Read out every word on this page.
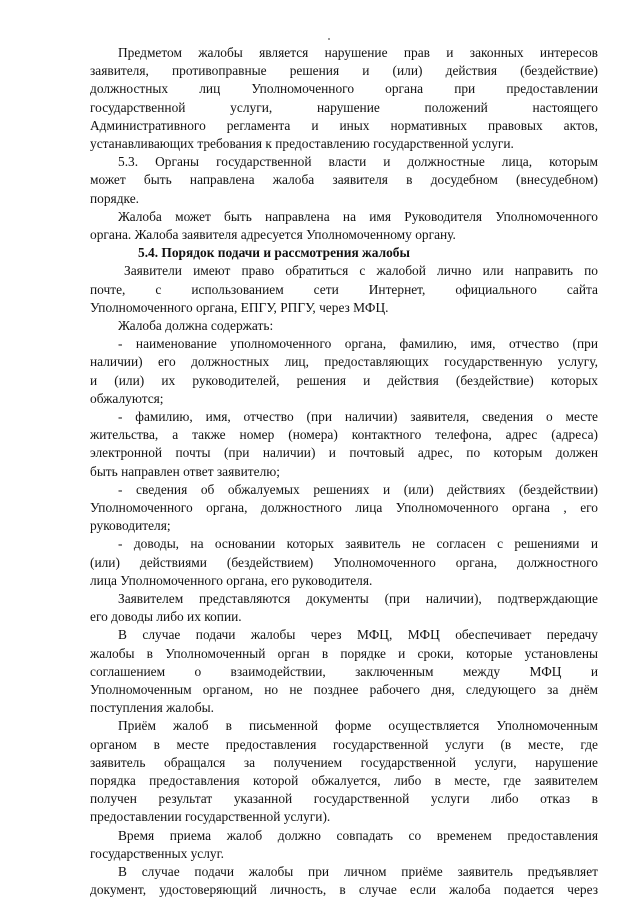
Предметом жалобы является нарушение прав и законных интересов
заявителя, противоправные решения и (или) действия (бездействие)
должностных лиц Уполномоченного органа при предоставлении
государственной услуги, нарушение положений настоящего
Административного регламента и иных нормативных правовых актов,
устанавливающих требования к предоставлению государственной услуги.
5.3. Органы государственной власти и должностные лица, которым
может быть направлена жалоба заявителя в досудебном (внесудебном)
порядке.
Жалоба может быть направлена на имя Руководителя Уполномоченного
органа. Жалоба заявителя адресуется Уполномоченному органу.
5.4. Порядок подачи и рассмотрения жалобы
Заявители имеют право обратиться с жалобой лично или направить по
почте, с использованием сети Интернет, официального сайта
Уполномоченного органа, ЕПГУ, РПГУ, через МФЦ.
Жалоба должна содержать:
- наименование уполномоченного органа, фамилию, имя, отчество (при
наличии) его должностных лиц, предоставляющих государственную услугу,
и (или) их руководителей, решения и действия (бездействие) которых
обжалуются;
- фамилию, имя, отчество (при наличии) заявителя, сведения о месте
жительства, а также номер (номера) контактного телефона, адрес (адреса)
электронной почты (при наличии) и почтовый адрес, по которым должен
быть направлен ответ заявителю;
- сведения об обжалуемых решениях и (или) действиях (бездействии)
Уполномоченного органа, должностного лица Уполномоченного органа , его
руководителя;
- доводы, на основании которых заявитель не согласен с решениями и
(или) действиями (бездействием) Уполномоченного органа, должностного
лица Уполномоченного органа, его руководителя.
Заявителем представляются документы (при наличии), подтверждающие
его доводы либо их копии.
В случае подачи жалобы через МФЦ, МФЦ обеспечивает передачу
жалобы в Уполномоченный орган в порядке и сроки, которые установлены
соглашением о взаимодействии, заключенным между МФЦ и
Уполномоченным органом, но не позднее рабочего дня, следующего за днём
поступления жалобы.
Приём жалоб в письменной форме осуществляется Уполномоченным
органом в месте предоставления государственной услуги (в месте, где
заявитель обращался за получением государственной услуги, нарушение
порядка предоставления которой обжалуется, либо в месте, где заявителем
получен результат указанной государственной услуги либо отказ в
предоставлении государственной услуги).
Время приема жалоб должно совпадать со временем предоставления
государственных услуг.
В случае подачи жалобы при личном приёме заявитель предъявляет
документ, удостоверяющий личность, в случае если жалоба подается через
